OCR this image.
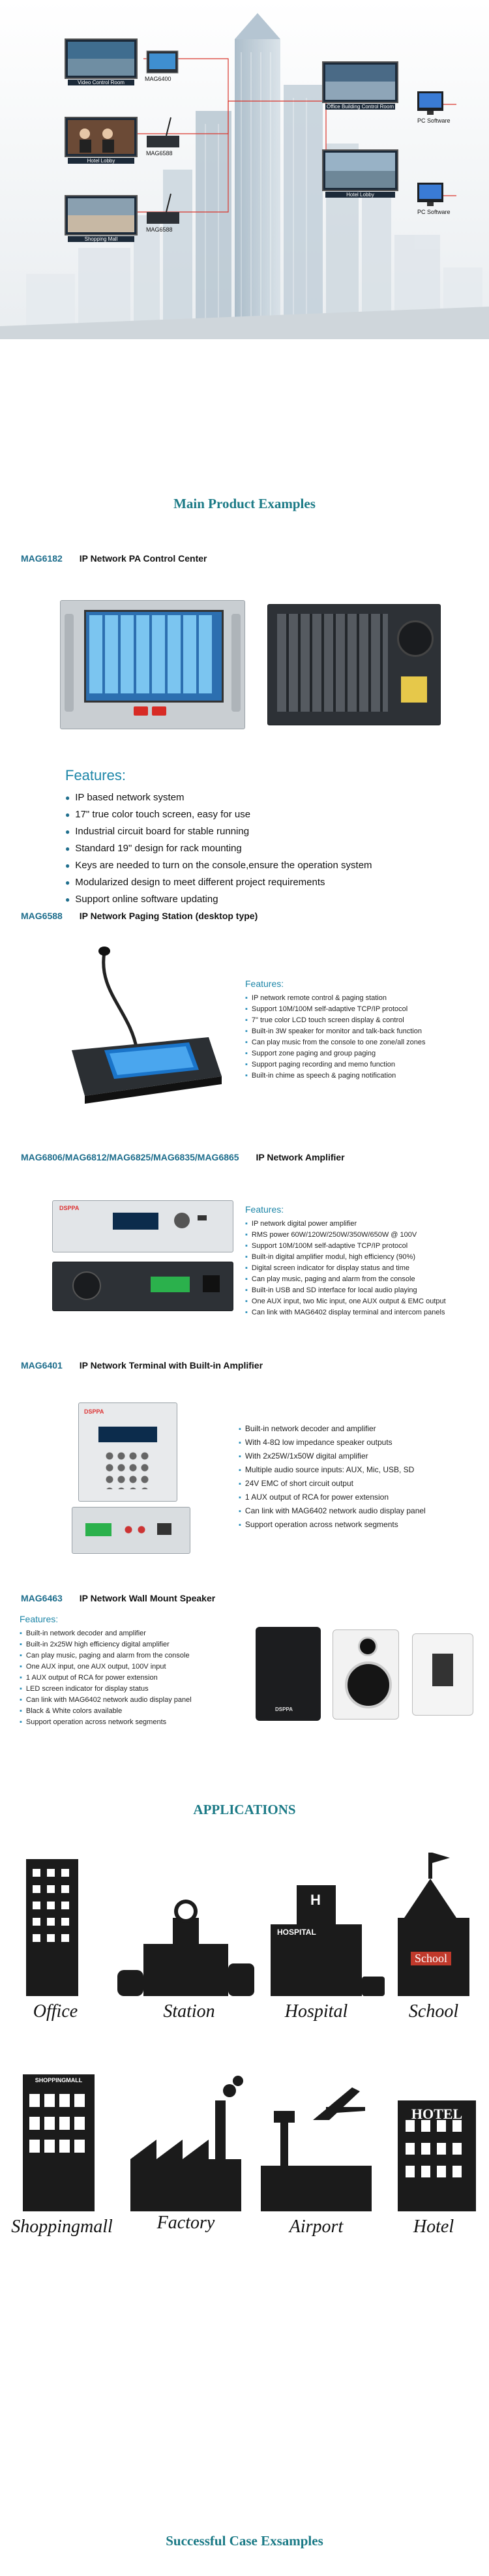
Video Control Room
Hotel Lobby
Shopping Mall
Office Building Control Room
Hotel Lobby
MAG6400
MAG6588
MAG6588
PC Software
PC Software
Main Product Examples
MAG6182 IP Network PA Control Center
Features:
● IP based network system
● 17" true color touch screen, easy for use
● Industrial circuit board for stable running
● Standard 19" design for rack mounting
● Keys are needed to turn on the console,ensure the operation system
● Modularized design to meet different project requirements
● Support online software updating
MAG6588 IP Network Paging Station (desktop type)
Features:
▪ IP network remote control & paging station
▪ Support 10M/100M self-adaptive TCP/IP protocol
▪ 7" true color LCD touch screen display & control
▪ Built-in 3W speaker for monitor and talk-back function
▪ Can play music from the console to one zone/all zones
▪ Support zone paging and group paging
▪ Support paging recording and memo function
▪ Built-in chime as speech & paging notification
MAG6806/MAG6812/MAG6825/MAG6835/MAG6865 IP Network Amplifier
DSPPA	Features:
▪ IP network digital power amplifier
▪ RMS power 60W/120W/250W/350W/650W @ 100V
▪ Support 10M/100M self-adaptive TCP/IP protocol
▪ Built-in digital amplifier modul, high efficiency (90%)
▪ Digital screen indicator for display status and time
▪ Can play music, paging and alarm from the console
▪ Built-in USB and SD interface for local audio playing
▪ One AUX input, two Mic input, one AUX output & EMC output
▪ Can link with MAG6402 display terminal and intercom panels
MAG6401 IP Network Terminal with Built-in Amplifier
DSPPA
▪ Built-in network decoder and amplifier
▪ With 4-8Ω low impedance speaker outputs
▪ With 2x25W/1x50W digital amplifier
▪ Multiple audio source inputs: AUX, Mic, USB, SD
▪ 24V EMC of short circuit output
▪ 1 AUX output of RCA for power extension
▪ Can link with MAG6402 network audio display panel
▪ Support operation across network segments
MAG6463 IP Network Wall Mount Speaker
Features:
▪ Built-in network decoder and amplifier
▪ Built-in 2x25W high efficiency digital amplifier
▪ Can play music, paging and alarm from the console
▪ One AUX input, one AUX output, 100V input
▪ 1 AUX output of RCA for power extension
▪ LED screen indicator for display status
▪ Can link with MAG6402 network audio display panel
▪ Black & White colors available
▪ Support operation across network segments
DSPPA
APPLICATIONS
H
HOSPITAL
School
Office	Station	Hospital	School
SHOPPINGMALL
HOTEL
Shoppingmall	Factory	Airport	Hotel
Successful Case Exsamples
